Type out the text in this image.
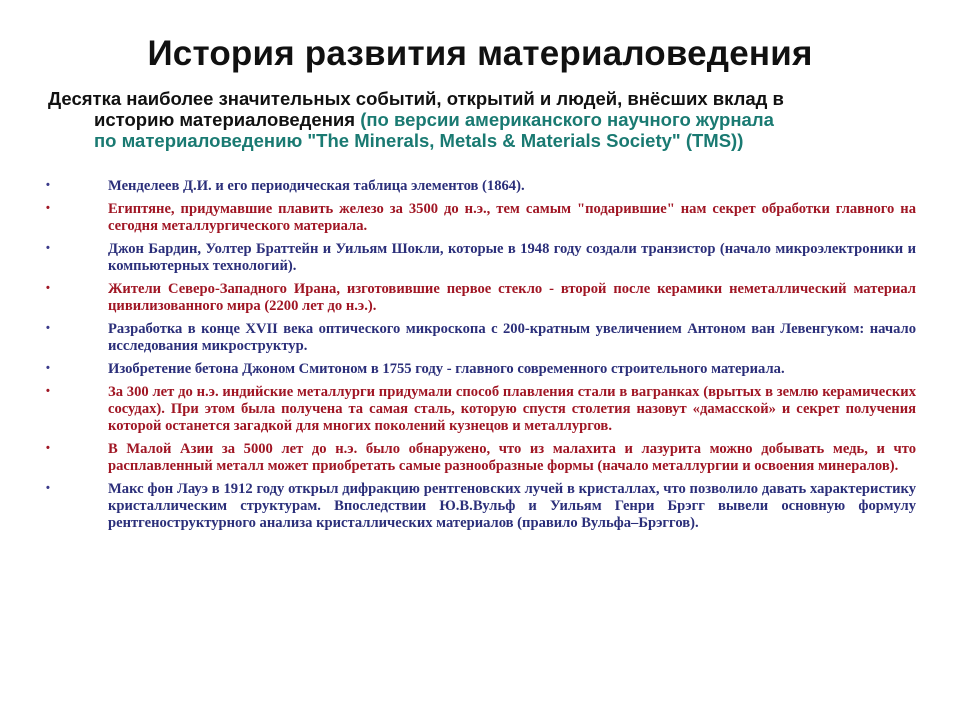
История развития материаловедения
Десятка наиболее значительных событий, открытий и людей, внёсших вклад в
историю материаловедения (по версии американского научного журнала
по материаловедению "The Minerals, Metals & Materials Society" (TMS))
•	Менделеев Д.И. и его периодическая таблица элементов (1864).
•	Египтяне, придумавшие плавить железо за 3500 до н.э., тем самым "подарившие" нам секрет обработки главного на сегодня металлургического материала.
•	Джон Бардин, Уолтер Браттейн и Уильям Шокли, которые в 1948 году создали транзистор (начало микроэлектроники и компьютерных технологий).
•	Жители Северо-Западного Ирана, изготовившие первое стекло - второй после керамики неметаллический материал цивилизованного мира (2200 лет до н.э.).
•	Разработка в конце XVII века оптического микроскопа с 200-кратным увеличением Антоном ван Левенгуком: начало исследования микроструктур.
•	Изобретение бетона Джоном Смитоном в 1755 году - главного современного строительного материала.
•	За 300 лет до н.э. индийские металлурги придумали способ плавления стали в вагранках (врытых в землю керамических сосудах). При этом была получена та самая сталь, которую спустя столетия назовут «дамасской» и секрет получения которой останется загадкой для многих поколений кузнецов и металлургов.
•	В Малой Азии за 5000 лет до н.э. было обнаружено, что из малахита и лазурита можно добывать медь, и что расплавленный металл может приобретать самые разнообразные формы (начало металлургии и освоения минералов).
•	Макс фон Лауэ в 1912 году открыл дифракцию рентгеновских лучей в кристаллах, что позволило давать характеристику кристаллическим структурам. Впоследствии Ю.В.Вульф и Уильям Генри Брэгг вывели основную формулу рентгеноструктурного анализа кристаллических материалов (правило Вульфа–Брэггов).
